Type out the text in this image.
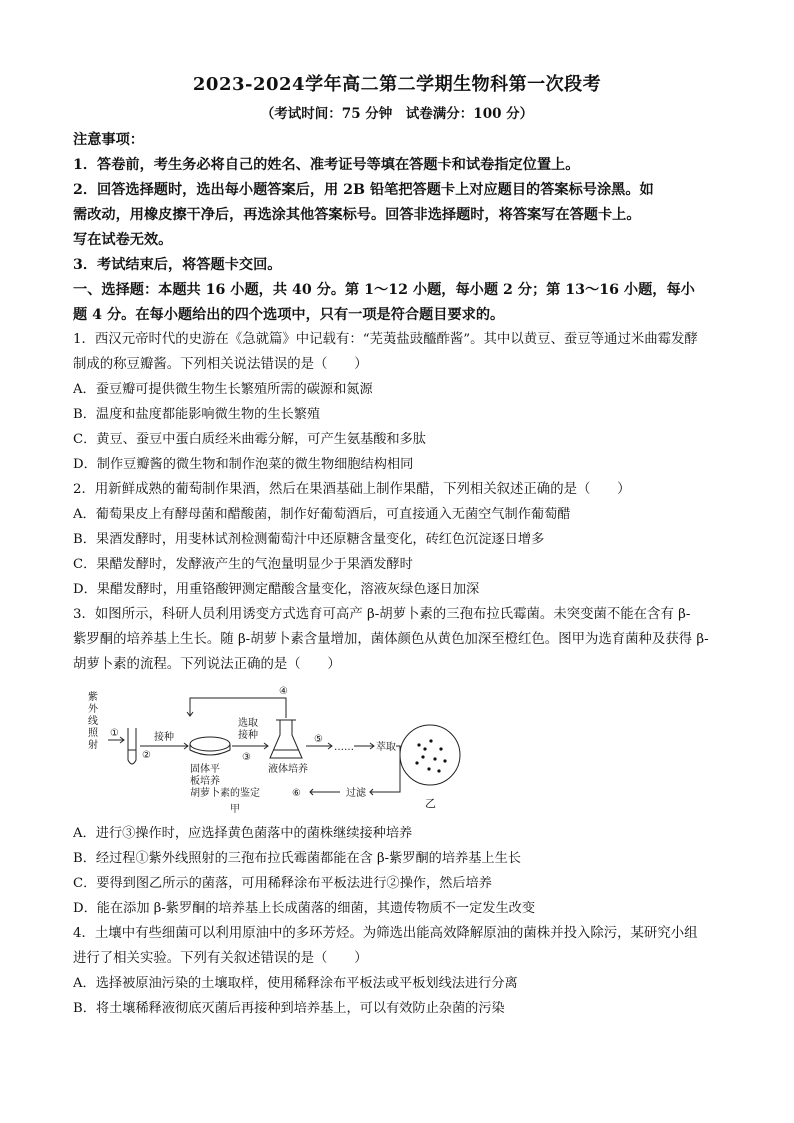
2023-2024学年高二第二学期生物科第一次段考
（考试时间：75 分钟　试卷满分：100 分）
注意事项：
1．答卷前，考生务必将自己的姓名、准考证号等填在答题卡和试卷指定位置上。
2．回答选择题时，选出每小题答案后，用 2B 铅笔把答题卡上对应题目的答案标号涂黑。如
需改动，用橡皮擦干净后，再选涂其他答案标号。回答非选择题时，将答案写在答题卡上。
写在试卷无效。
3．考试结束后，将答题卡交回。
一、选择题：本题共 16 小题，共 40 分。第 1～12 小题，每小题 2 分；第 13～16 小题，每小
题 4 分。在每小题给出的四个选项中，只有一项是符合题目要求的。
1．西汉元帝时代的史游在《急就篇》中记载有：“芜荑盐豉醯酢酱”。其中以黄豆、蚕豆等通过米曲霉发酵
制成的称豆瓣酱。下列相关说法错误的是（　　）
A．蚕豆瓣可提供微生物生长繁殖所需的碳源和氮源
B．温度和盐度都能影响微生物的生长繁殖
C．黄豆、蚕豆中蛋白质经米曲霉分解，可产生氨基酸和多肽
D．制作豆瓣酱的微生物和制作泡菜的微生物细胞结构相同
2．用新鲜成熟的葡萄制作果酒，然后在果酒基础上制作果醋，下列相关叙述正确的是（　　）
A．葡萄果皮上有酵母菌和醋酸菌，制作好葡萄酒后，可直接通入无菌空气制作葡萄醋
B．果酒发酵时，用斐林试剂检测葡萄汁中还原糖含量变化，砖红色沉淀逐日增多
C．果醋发酵时，发酵液产生的气泡量明显少于果酒发酵时
D．果醋发酵时，用重铬酸钾测定醋酸含量变化，溶液灰绿色逐日加深
3．如图所示，科研人员利用诱变方式选育可高产 β-胡萝卜素的三孢布拉氏霉菌。未突变菌不能在含有 β-
紫罗酮的培养基上生长。随 β-胡萝卜素含量增加，菌体颜色从黄色加深至橙红色。图甲为选育菌种及获得 β-
胡萝卜素的流程。下列说法正确的是（　　）
紫
外
线
照
射
①
②
接种
固体平
板培养
选取
接种
③
④
液体培养
⑤
…… 萃取
过滤
⑥
胡萝卜素的鉴定
甲	乙
A．进行③操作时，应选择黄色菌落中的菌株继续接种培养
B．经过程①紫外线照射的三孢布拉氏霉菌都能在含 β-紫罗酮的培养基上生长
C．要得到图乙所示的菌落，可用稀释涂布平板法进行②操作，然后培养
D．能在添加 β-紫罗酮的培养基上长成菌落的细菌，其遗传物质不一定发生改变
4．土壤中有些细菌可以利用原油中的多环芳烃。为筛选出能高效降解原油的菌株并投入除污，某研究小组
进行了相关实验。下列有关叙述错误的是（　　）
A．选择被原油污染的土壤取样，使用稀释涂布平板法或平板划线法进行分离
B．将土壤稀释液彻底灭菌后再接种到培养基上，可以有效防止杂菌的污染
